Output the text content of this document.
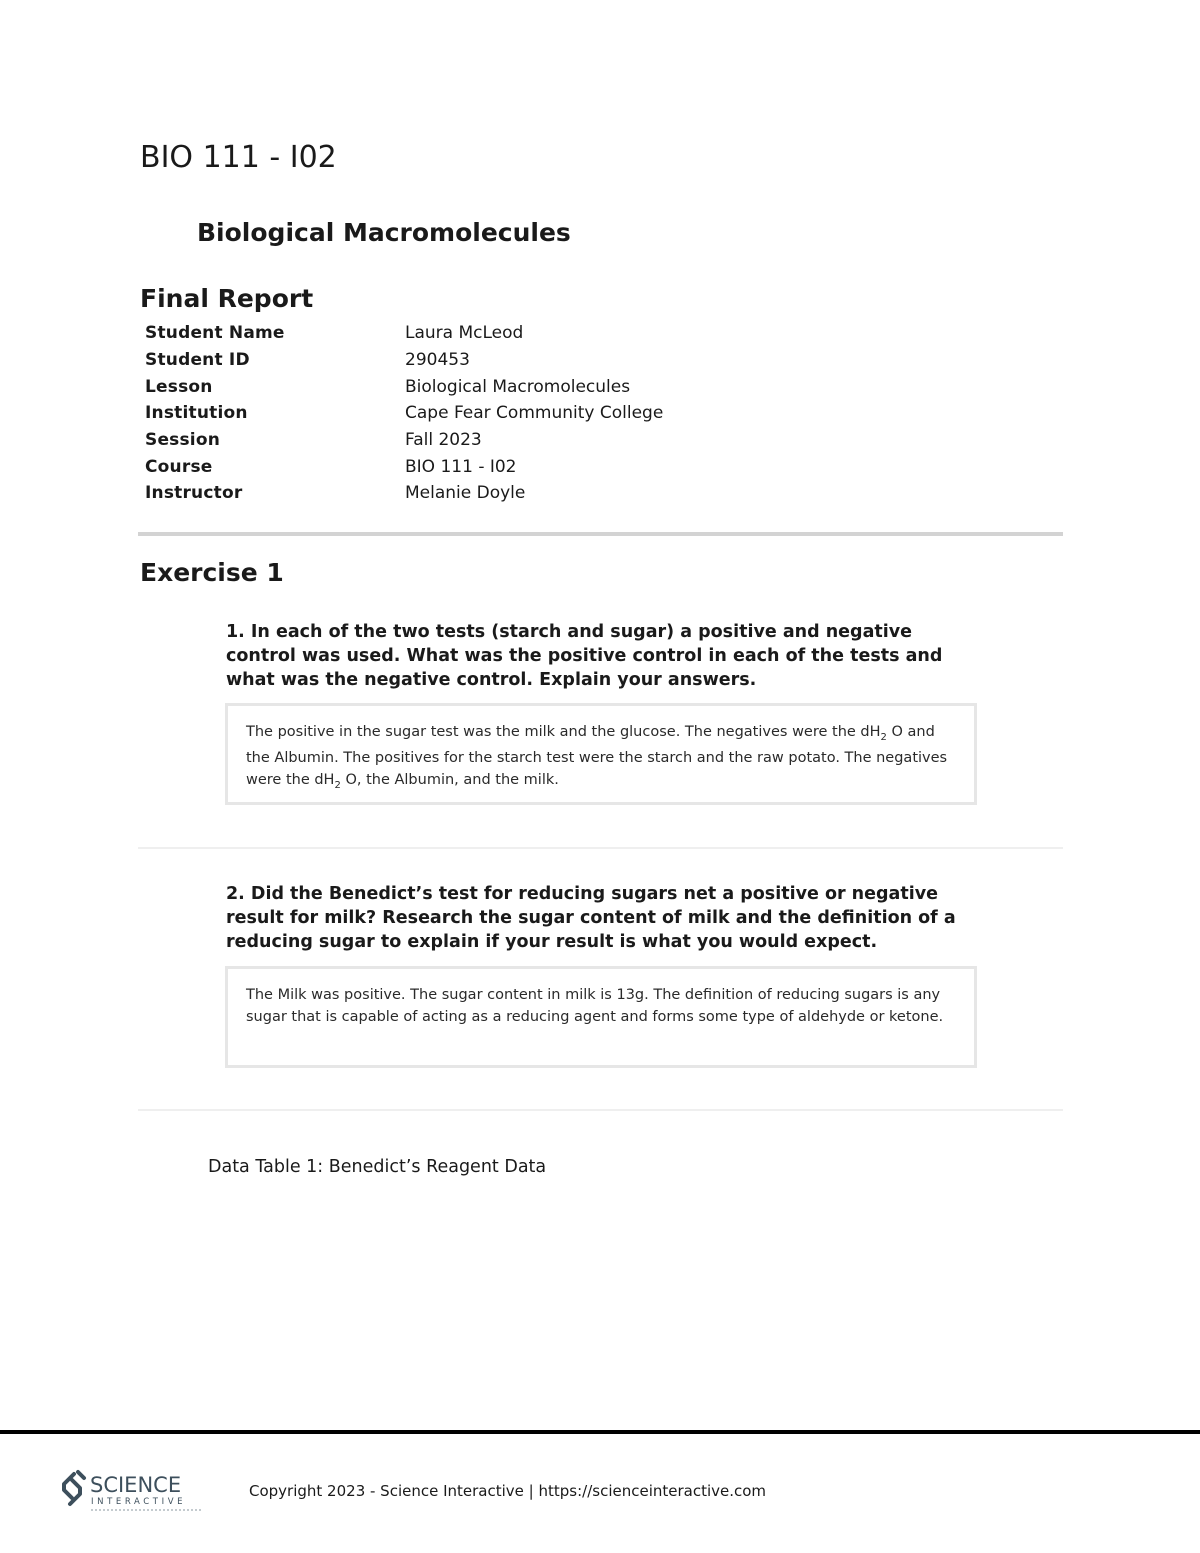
BIO 111 - I02
Biological Macromolecules
Final Report
Student Name	Laura McLeod
Student ID	290453
Lesson	Biological Macromolecules
Institution	Cape Fear Community College
Session	Fall 2023
Course	BIO 111 - I02
Instructor	Melanie Doyle
Exercise 1

1. In each of the two tests (starch and sugar) a positive and negative control was used. What was the positive control in each of the tests and what was the negative control. Explain your answers.

The positive in the sugar test was the milk and the glucose. The negatives were the $dH_2$ O and the Albumin. The positives for the starch test were the starch and the raw potato. The negatives were the $dH_2$ O, the Albumin, and the milk.

2. Did the Benedict’s test for reducing sugars net a positive or negative result for milk? Research the sugar content of milk and the definition of a reducing sugar to explain if your result is what you would expect.

The Milk was positive. The sugar content in milk is 13g. The definition of reducing sugars is any sugar that is capable of acting as a reducing agent and forms some type of aldehyde or ketone.

Data Table 1: Benedict’s Reagent Data

SCIENCE
INTERACTIVE
Copyright 2023 - Science Interactive | https://scienceinteractive.com
